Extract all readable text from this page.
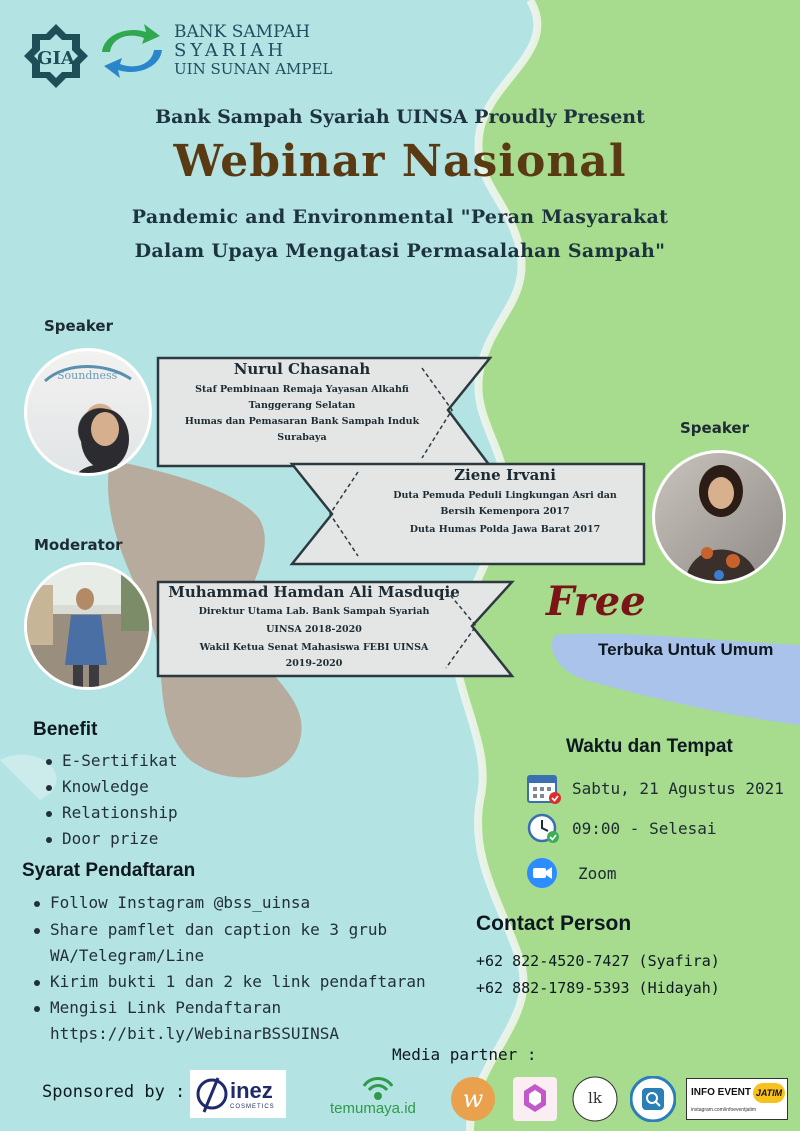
GIA
BANK SAMPAH
SYARIAH
UIN SUNAN AMPEL
Bank Sampah Syariah UINSA Proudly Present
Webinar Nasional
Pandemic and Environmental "Peran Masyarakat
Dalam Upaya Mengatasi Permasalahan Sampah"
Speaker
Soundness	Nurul Chasanah
Staf Pembinaan Remaja Yayasan Alkahfi
Tanggerang Selatan
Humas dan Pemasaran Bank Sampah Induk
Surabaya
Speaker
Ziene Irvani
Duta Pemuda Peduli Lingkungan Asri dan
Bersih Kemenpora 2017
Duta Humas Polda Jawa Barat 2017
Moderator
Muhammad Hamdan Ali Masduqie
Direktur Utama Lab. Bank Sampah Syariah
UINSA 2018-2020
Wakil Ketua Senat Mahasiswa FEBI UINSA
2019-2020
Free
Terbuka Untuk Umum
Benefit
E-Sertifikat
Knowledge
Relationship
Door prize
Syarat Pendaftaran
Follow Instagram @bss_uinsa
Share pamflet dan caption ke 3 grub
WA/Telegram/Line
Kirim bukti 1 dan 2 ke link pendaftaran
Mengisi Link Pendaftaran
https://bit.ly/WebinarBSSUINSA
Waktu dan Tempat
Sabtu, 21 Agustus 2021
09:00 - Selesai
Zoom
Contact Person
+62 822-4520-7427 (Syafira)
+62 882-1789-5393 (Hidayah)
Media partner :
Sponsored by : inez
COSMETICS	temumaya.id w	lk	INFO EVENT JATIM
instagram.com/infoeventjatim
